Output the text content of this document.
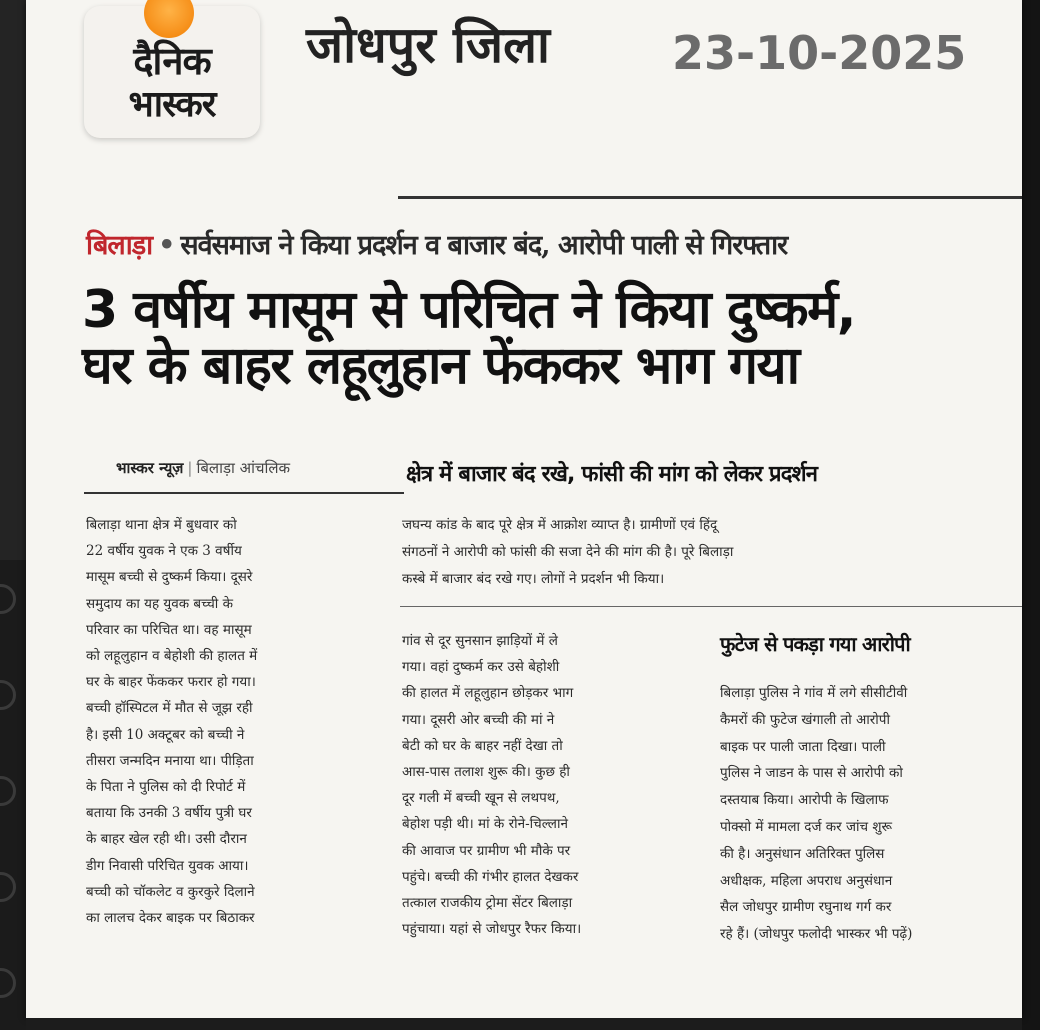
दैनिक
भास्कर
जोधपुर जिला	23-10-2025
बिलाड़ा • सर्वसमाज ने किया प्रदर्शन व बाजार बंद, आरोपी पाली से गिरफ्तार
3 वर्षीय मासूम से परिचित ने किया दुष्कर्म,
घर के बाहर लहूलुहान फेंककर भाग गया
भास्कर न्यूज़ | बिलाड़ा आंचलिक	क्षेत्र में बाजार बंद रखे, फांसी की मांग को लेकर प्रदर्शन
जघन्य कांड के बाद पूरे क्षेत्र में आक्रोश व्याप्त है। ग्रामीणों एवं हिंदू
संगठनों ने आरोपी को फांसी की सजा देने की मांग की है। पूरे बिलाड़ा
कस्बे में बाजार बंद रखे गए। लोगों ने प्रदर्शन भी किया।
बिलाड़ा थाना क्षेत्र में बुधवार को
22 वर्षीय युवक ने एक 3 वर्षीय
मासूम बच्ची से दुष्कर्म किया। दूसरे
समुदाय का यह युवक बच्ची के
परिवार का परिचित था। वह मासूम
को लहूलुहान व बेहोशी की हालत में
घर के बाहर फेंककर फरार हो गया।
बच्ची हॉस्पिटल में मौत से जूझ रही
है। इसी 10 अक्टूबर को बच्ची ने
तीसरा जन्मदिन मनाया था। पीड़िता
के पिता ने पुलिस को दी रिपोर्ट में
बताया कि उनकी 3 वर्षीय पुत्री घर
के बाहर खेल रही थी। उसी दौरान
डीग निवासी परिचित युवक आया।
बच्ची को चॉकलेट व कुरकुरे दिलाने
का लालच देकर बाइक पर बिठाकर
गांव से दूर सुनसान झाड़ियों में ले
गया। वहां दुष्कर्म कर उसे बेहोशी
की हालत में लहूलुहान छोड़कर भाग
गया। दूसरी ओर बच्ची की मां ने
बेटी को घर के बाहर नहीं देखा तो
आस-पास तलाश शुरू की। कुछ ही
दूर गली में बच्ची खून से लथपथ,
बेहोश पड़ी थी। मां के रोने-चिल्लाने
की आवाज पर ग्रामीण भी मौके पर
पहुंचे। बच्ची की गंभीर हालत देखकर
तत्काल राजकीय ट्रोमा सेंटर बिलाड़ा
पहुंचाया। यहां से जोधपुर रैफर किया।
फुटेज से पकड़ा गया आरोपी
बिलाड़ा पुलिस ने गांव में लगे सीसीटीवी
कैमरों की फुटेज खंगाली तो आरोपी
बाइक पर पाली जाता दिखा। पाली
पुलिस ने जाडन के पास से आरोपी को
दस्तयाब किया। आरोपी के खिलाफ
पोक्सो में मामला दर्ज कर जांच शुरू
की है। अनुसंधान अतिरिक्त पुलिस
अधीक्षक, महिला अपराध अनुसंधान
सैल जोधपुर ग्रामीण रघुनाथ गर्ग कर
रहे हैं। (जोधपुर फलोदी भास्कर भी पढ़ें)
